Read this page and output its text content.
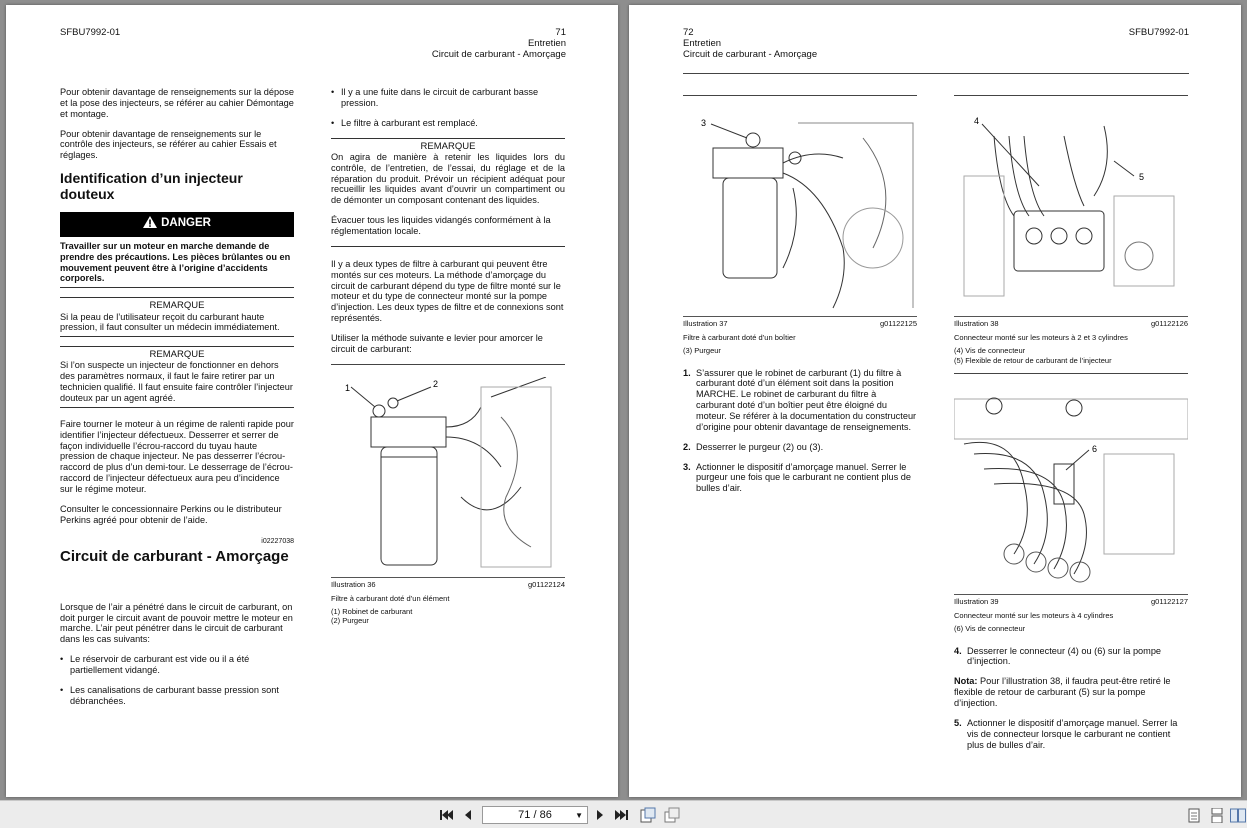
SFBU7992-01	71
Entretien
Circuit de carburant - Amorçage

Pour obtenir davantage de renseignements sur la dépose et la pose des injecteurs, se référer au cahier Démontage et montage.

Pour obtenir davantage de renseignements sur le contrôle des injecteurs, se référer au cahier Essais et réglages.

Identification d’un injecteur douteux
DANGER
Travailler sur un moteur en marche demande de prendre des précautions. Les pièces brûlantes ou en mouvement peuvent être à l’origine d’accidents corporels.
REMARQUE
Si la peau de l’utilisateur reçoit du carburant haute pression, il faut consulter un médecin immédiatement.
REMARQUE
Si l’on suspecte un injecteur de fonctionner en dehors des paramètres normaux, il faut le faire retirer par un technicien qualifié. Il faut ensuite faire contrôler l’injecteur douteux par un agent agréé.

Faire tourner le moteur à un régime de ralenti rapide pour identifier l’injecteur défectueux. Desserrer et serrer de façon individuelle l’écrou-raccord du tuyau haute pression de chaque injecteur. Ne pas desserrer l’écrou-raccord de plus d’un demi-tour. Le desserrage de l’écrou-raccord de l’injecteur défectueux aura peu d’incidence sur le régime moteur.

Consulter le concessionnaire Perkins ou le distributeur Perkins agréé pour obtenir de l’aide.

i02227038
Circuit de carburant - Amorçage

Lorsque de l’air a pénétré dans le circuit de carburant, on doit purger le circuit avant de pouvoir mettre le moteur en marche. L’air peut pénétrer dans le circuit de carburant dans les cas suivants:

• Le réservoir de carburant est vide ou il a été partiellement vidangé.
• Les canalisations de carburant basse pression sont débranchées.
• Il y a une fuite dans le circuit de carburant basse pression.
• Le filtre à carburant est remplacé.
REMARQUE

On agira de manière à retenir les liquides lors du contrôle, de l’entretien, de l’essai, du réglage et de la réparation du produit. Prévoir un récipient adéquat pour recueillir les liquides avant d’ouvrir un compartiment ou de démonter un composant contenant des liquides.

Évacuer tous les liquides vidangés conformément à la réglementation locale.

Il y a deux types de filtre à carburant qui peuvent être montés sur ces moteurs. La méthode d’amorçage du circuit de carburant dépend du type de filtre monté sur le moteur et du type de connecteur monté sur la pompe d’injection. Les deux types de filtre et de connexions sont représentés.

Utiliser la méthode suivante e levier pour amorcer le circuit de carburant:

1	2
Illustration 36	g01122124
Filtre à carburant doté d’un élément
(1) Robinet de carburant
(2) Purgeur
72
Entretien
Circuit de carburant - Amorçage
SFBU7992-01
3
Illustration 37	g01122125
Filtre à carburant doté d’un boîtier
(3) Purgeur
1. S’assurer que le robinet de carburant (1) du filtre à carburant doté d’un élément soit dans la position MARCHE. Le robinet de carburant du filtre à carburant doté d’un boîtier peut être éloigné du moteur. Se référer à la documentation du constructeur d’origine pour obtenir davantage de renseignements.
2. Desserrer le purgeur (2) ou (3).
3. Actionner le dispositif d’amorçage manuel. Serrer le purgeur une fois que le carburant ne contient plus de bulles d’air.
4
5
Illustration 38	g01122126
Connecteur monté sur les moteurs à 2 et 3 cylindres
(4) Vis de connecteur
(5) Flexible de retour de carburant de l’injecteur
6
Illustration 39	g01122127
Connecteur monté sur les moteurs à 4 cylindres
(6) Vis de connecteur
4. Desserrer le connecteur (4) ou (6) sur la pompe d’injection.

Nota: Pour l’illustration 38, il faudra peut-être retiré le flexible de retour de carburant (5) sur la pompe d’injection.

5. Actionner le dispositif d’amorçage manuel. Serrer la vis de connecteur lorsque le carburant ne contient plus de bulles d’air.
71 / 86	▼
